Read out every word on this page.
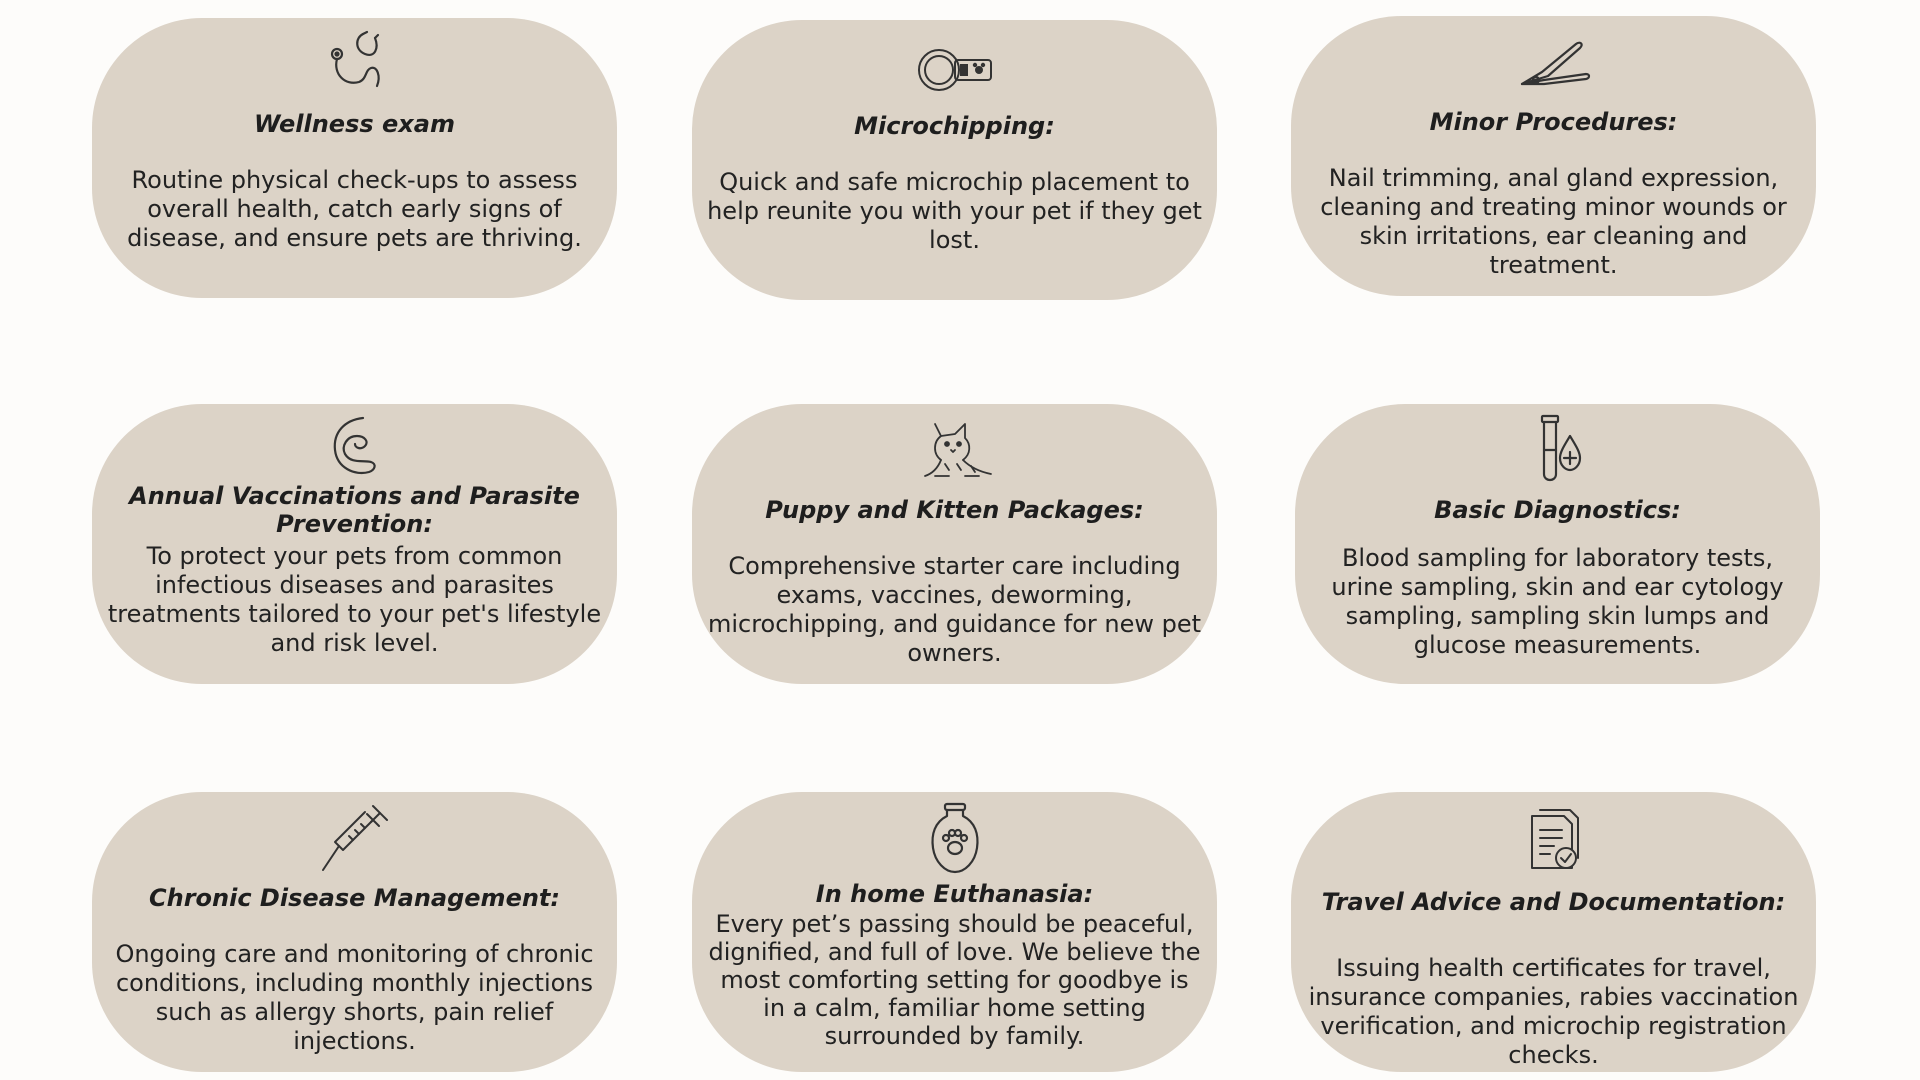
Wellness exam

Routine physical check-ups to assess overall health, catch early signs of disease, and ensure pets are thriving.

Microchipping:

Quick and safe microchip placement to help reunite you with your pet if they get lost.

Minor Procedures:

Nail trimming, anal gland expression, cleaning and treating minor wounds or skin irritations, ear cleaning and treatment.

Annual Vaccinations and Parasite Prevention:

To protect your pets from common infectious diseases and parasites treatments tailored to your pet's lifestyle and risk level.

Puppy and Kitten Packages:

Comprehensive starter care including exams, vaccines, deworming, microchipping, and guidance for new pet owners.

Basic Diagnostics:

Blood sampling for laboratory tests, urine sampling, skin and ear cytology sampling, sampling skin lumps and glucose measurements.

Chronic Disease Management:

Ongoing care and monitoring of chronic conditions, including monthly injections such as allergy shorts, pain relief injections.

In home Euthanasia:

Every pet’s passing should be peaceful, dignified, and full of love. We believe the most comforting setting for goodbye is in a calm, familiar home setting surrounded by family.

Travel Advice and Documentation:

Issuing health certificates for travel, insurance companies, rabies vaccination verification, and microchip registration checks.
